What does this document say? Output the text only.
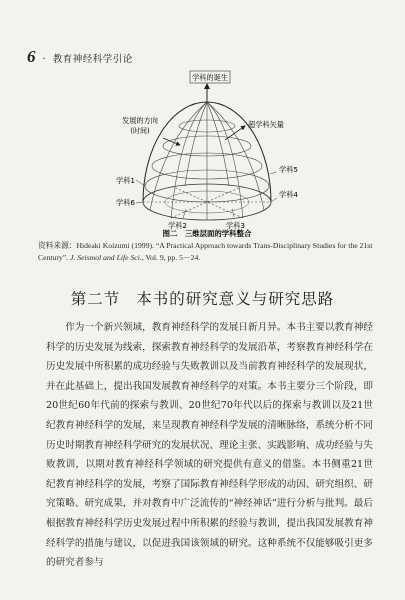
6 · 教育神经科学引论
学科的诞生
发展的方向
(时间)
超学科矢量
学科1
学科2	学科3
学科4
学科5
学科6
图二　三维层面的学科整合
资料来源：Hideaki Koizumi (1999). “A Practical Approach towards Trans-Disciplinary Studies for the 21st Century”. J. Seismol and Life Sci., Vol. 9, pp. 5－24.
第二节 本书的研究意义与研究思路

作为一个新兴领域，教育神经科学的发展日新月异。本书主要以教育神经科学的历史发展为线索，探索教育神经科学的发展沿革，考察教育神经科学在历史发展中所积累的成功经验与失败教训以及当前教育神经科学的发展现状，并在此基础上，提出我国发展教育神经科学的对策。本书主要分三个阶段，即20世纪60年代前的探索与教训、20世纪70年代以后的探索与教训以及21世纪教育神经科学的发展，来呈现教育神经科学发展的清晰脉络，系统分析不同历史时期教育神经科学研究的发展状况、理论主张、实践影响、成功经验与失败教训，以期对教育神经科学领域的研究提供有意义的借鉴。本书侧重21世纪教育神经科学的发展，考察了国际教育神经科学形成的动因、研究组织、研究策略、研究成果，并对教育中广泛流传的“神经神话”进行分析与批判。最后根据教育神经科学历史发展过程中所积累的经验与教训，提出我国发展教育神经科学的措施与建议，以促进我国该领域的研究。这种系统不仅能够吸引更多的研究者参与
